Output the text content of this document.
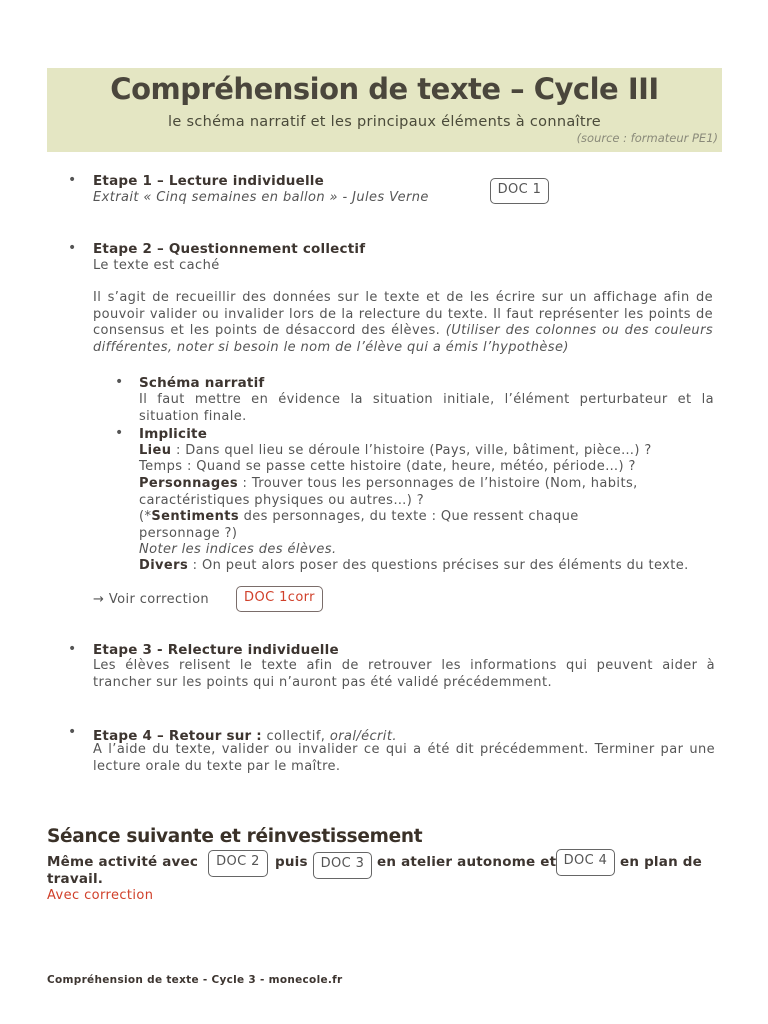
Compréhension de texte – Cycle III
le schéma narratif et les principaux éléments à connaître
(source : formateur PE1)
• Etape 1 – Lecture individuelle
Extrait « Cinq semaines en ballon » - Jules Verne
DOC 1
• Etape 2 – Questionnement collectif
Le texte est caché
Il s’agit de recueillir des données sur le texte et de les écrire sur un affichage afin de pouvoir valider ou invalider lors de la relecture du texte. Il faut représenter les points de consensus et les points de désaccord des élèves. (Utiliser des colonnes ou des couleurs différentes, noter si besoin le nom de l’élève qui a émis l’hypothèse)
• Schéma narratif
Il faut mettre en évidence la situation initiale, l’élément perturbateur et la situation finale.
• Implicite
Lieu : Dans quel lieu se déroule l’histoire (Pays, ville, bâtiment, pièce…) ?
Temps : Quand se passe cette histoire (date, heure, météo, période…) ?
Personnages : Trouver tous les personnages de l’histoire (Nom, habits, caractéristiques physiques ou autres…) ?
(*Sentiments des personnages, du texte : Que ressent chaque personnage ?)
Noter les indices des élèves.
Divers : On peut alors poser des questions précises sur des éléments du texte.
→ Voir correction	DOC 1corr
• Etape 3 - Relecture individuelle
Les élèves relisent le texte afin de retrouver les informations qui peuvent aider à trancher sur les points qui n’auront pas été validé précédemment.
• Etape 4 – Retour sur : collectif, oral/écrit.
A l’aide du texte, valider ou invalider ce qui a été dit précédemment. Terminer par une lecture orale du texte par le maître.
Séance suivante et réinvestissement
Même activité avec	DOC 2	puis DOC 3 en atelier autonome et DOC 4 en plan de
travail.
Avec correction
Compréhension de texte - Cycle 3 - monecole.fr
